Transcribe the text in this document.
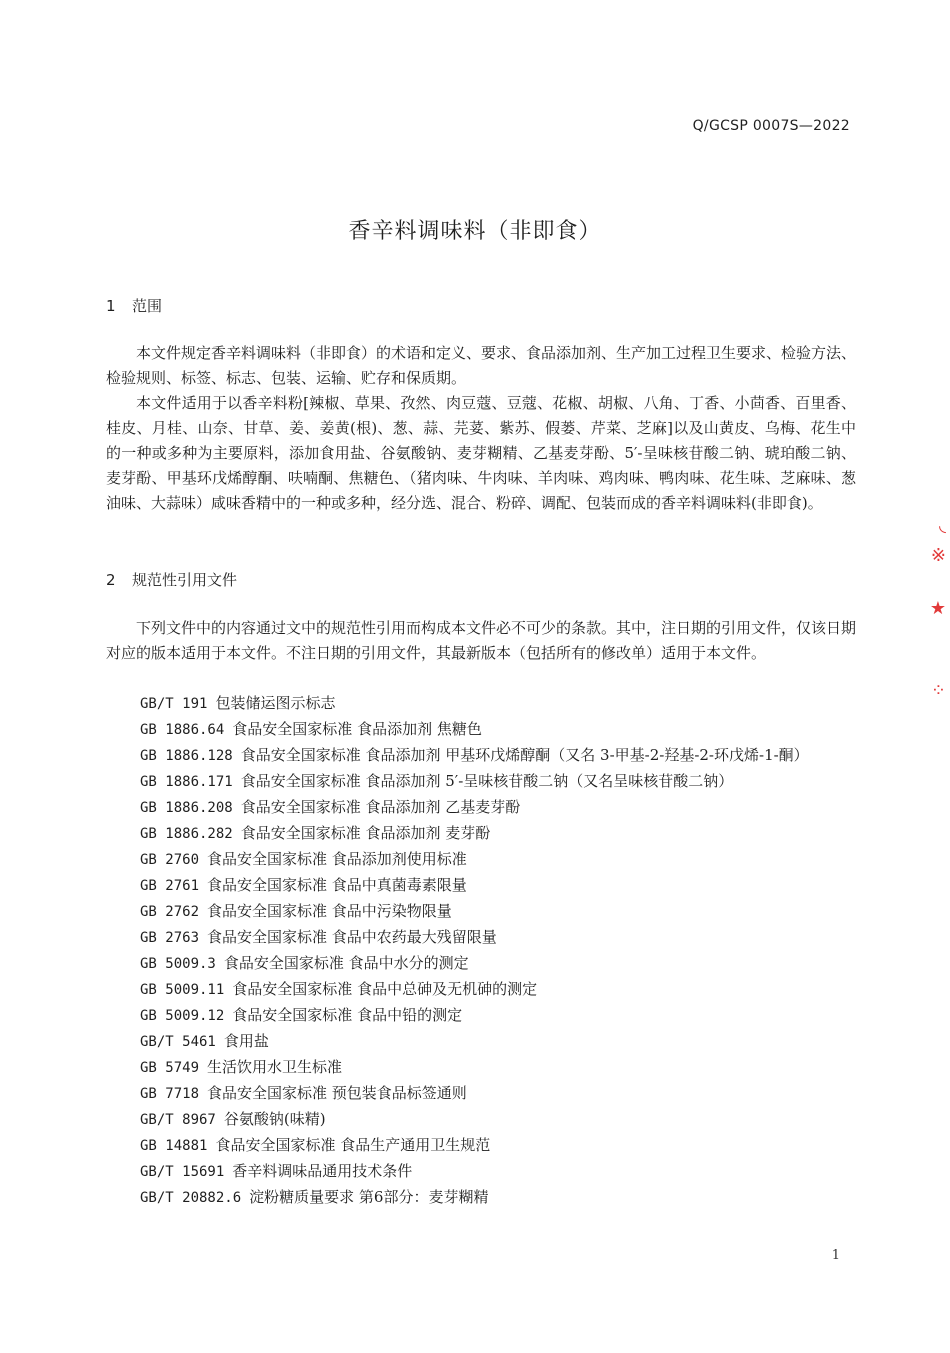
Q/GCSP 0007S—2022
香辛料调味料（非即食）
1 范围

本文件规定香辛料调味料（非即食）的术语和定义、要求、食品添加剂、生产加工过程卫生要求、检验方法、检验规则、标签、标志、包装、运输、贮存和保质期。

本文件适用于以香辛料粉[辣椒、草果、孜然、肉豆蔻、豆蔻、花椒、胡椒、八角、丁香、小茴香、百里香、桂皮、月桂、山奈、甘草、姜、姜黄(根)、葱、蒜、芫荽、紫苏、假蒌、芹菜、芝麻]以及山黄皮、乌梅、花生中的一种或多种为主要原料，添加食用盐、谷氨酸钠、麦芽糊精、乙基麦芽酚、5′-呈味核苷酸二钠、琥珀酸二钠、麦芽酚、甲基环戊烯醇酮、呋喃酮、焦糖色、（猪肉味、牛肉味、羊肉味、鸡肉味、鸭肉味、花生味、芝麻味、葱油味、大蒜味）咸味香精中的一种或多种，经分选、混合、粉碎、调配、包装而成的香辛料调味料(非即食)。

2 规范性引用文件

下列文件中的内容通过文中的规范性引用而构成本文件必不可少的条款。其中，注日期的引用文件，仅该日期对应的版本适用于本文件。不注日期的引用文件，其最新版本（包括所有的修改单）适用于本文件。

GB/T 191 包装储运图示标志
GB 1886.64 食品安全国家标准 食品添加剂 焦糖色
GB 1886.128 食品安全国家标准 食品添加剂 甲基环戊烯醇酮（又名 3-甲基-2-羟基-2-环戊烯-1-酮）
GB 1886.171 食品安全国家标准 食品添加剂 5′-呈味核苷酸二钠（又名呈味核苷酸二钠）
GB 1886.208 食品安全国家标准 食品添加剂 乙基麦芽酚
GB 1886.282 食品安全国家标准 食品添加剂 麦芽酚
GB 2760 食品安全国家标准 食品添加剂使用标准
GB 2761 食品安全国家标准 食品中真菌毒素限量
GB 2762 食品安全国家标准 食品中污染物限量
GB 2763 食品安全国家标准 食品中农药最大残留限量
GB 5009.3 食品安全国家标准 食品中水分的测定
GB 5009.11 食品安全国家标准 食品中总砷及无机砷的测定
GB 5009.12 食品安全国家标准 食品中铅的测定
GB/T 5461 食用盐
GB 5749 生活饮用水卫生标准
GB 7718 食品安全国家标准 预包装食品标签通则
GB/T 8967 谷氨酸钠(味精)
GB 14881 食品安全国家标准 食品生产通用卫生规范
GB/T 15691 香辛料调味品通用技术条件
GB/T 20882.6 淀粉糖质量要求 第6部分：麦芽糊精
◟
※
★
⁘
1
